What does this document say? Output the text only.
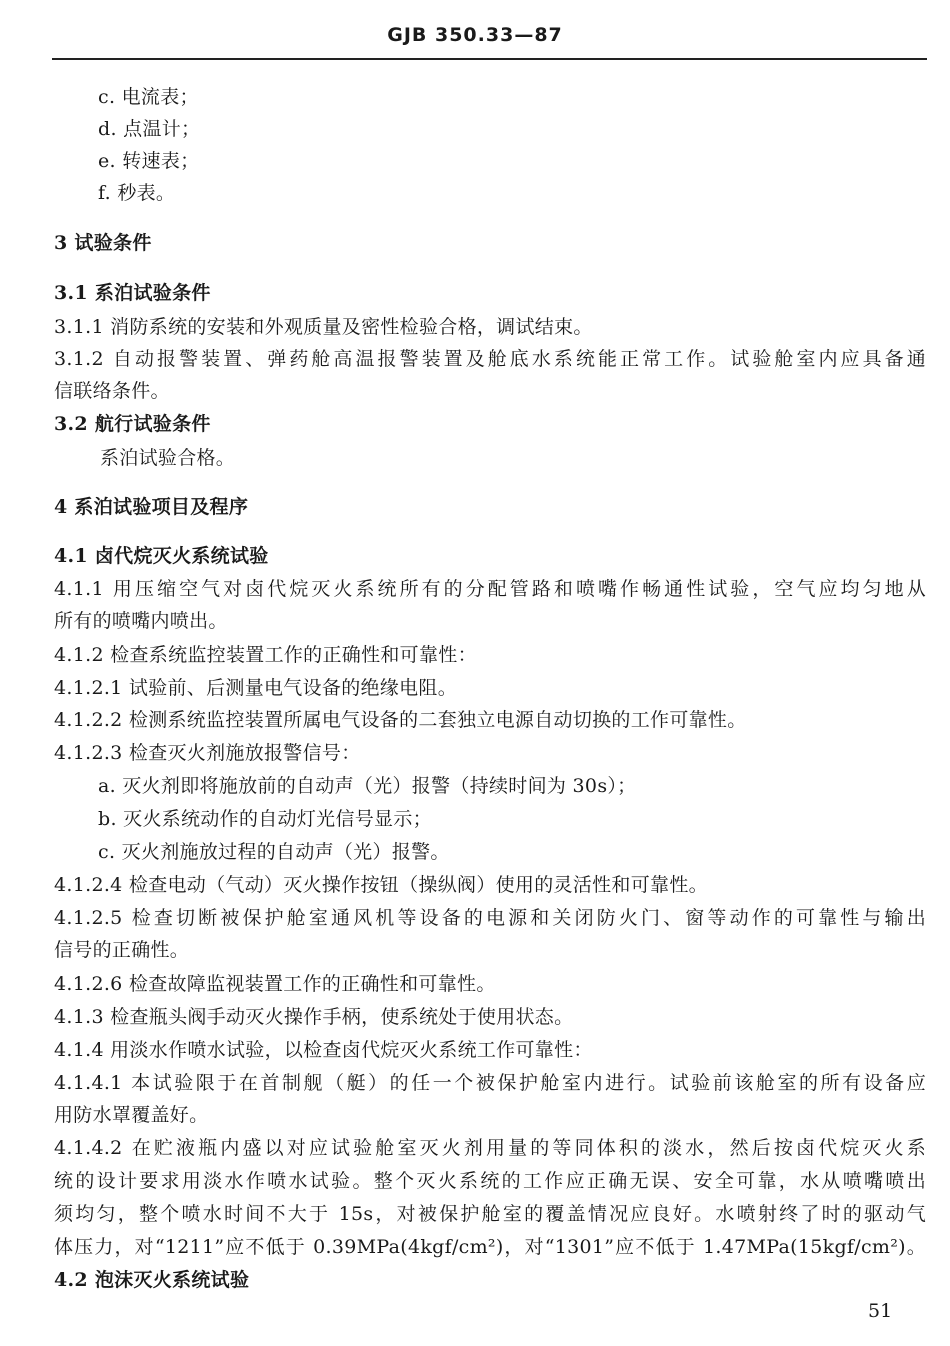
GJB 350.33—87
c. 电流表；
d. 点温计；
e. 转速表；
f. 秒表。
3 试验条件
3.1 系泊试验条件
3.1.1 消防系统的安装和外观质量及密性检验合格，调试结束。
3.1.2 自动报警装置、弹药舱高温报警装置及舱底水系统能正常工作。试验舱室内应具备通
信联络条件。
3.2 航行试验条件
系泊试验合格。
4 系泊试验项目及程序
4.1 卤代烷灭火系统试验
4.1.1 用压缩空气对卤代烷灭火系统所有的分配管路和喷嘴作畅通性试验，空气应均匀地从
所有的喷嘴内喷出。
4.1.2 检查系统监控装置工作的正确性和可靠性：
4.1.2.1 试验前、后测量电气设备的绝缘电阻。
4.1.2.2 检测系统监控装置所属电气设备的二套独立电源自动切换的工作可靠性。
4.1.2.3 检查灭火剂施放报警信号：
a. 灭火剂即将施放前的自动声（光）报警（持续时间为 30s）；
b. 灭火系统动作的自动灯光信号显示；
c. 灭火剂施放过程的自动声（光）报警。
4.1.2.4 检查电动（气动）灭火操作按钮（操纵阀）使用的灵活性和可靠性。
4.1.2.5 检查切断被保护舱室通风机等设备的电源和关闭防火门、窗等动作的可靠性与输出
信号的正确性。
4.1.2.6 检查故障监视装置工作的正确性和可靠性。
4.1.3 检查瓶头阀手动灭火操作手柄，使系统处于使用状态。
4.1.4 用淡水作喷水试验，以检查卤代烷灭火系统工作可靠性：
4.1.4.1 本试验限于在首制舰（艇）的任一个被保护舱室内进行。试验前该舱室的所有设备应
用防水罩覆盖好。
4.1.4.2 在贮液瓶内盛以对应试验舱室灭火剂用量的等同体积的淡水，然后按卤代烷灭火系
统的设计要求用淡水作喷水试验。整个灭火系统的工作应正确无误、安全可靠，水从喷嘴喷出
须均匀，整个喷水时间不大于 15s，对被保护舱室的覆盖情况应良好。水喷射终了时的驱动气
体压力，对“1211”应不低于 0.39MPa(4kgf/cm²)，对“1301”应不低于 1.47MPa(15kgf/cm²)。
4.2 泡沫灭火系统试验
51
